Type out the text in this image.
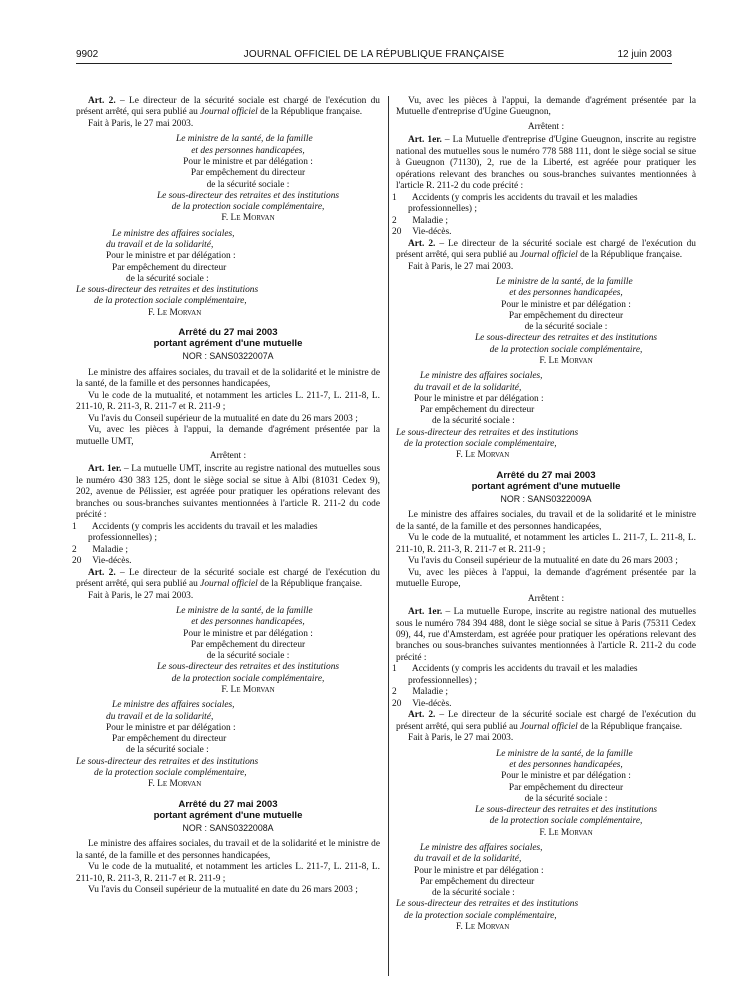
9902	JOURNAL OFFICIEL DE LA RÉPUBLIQUE FRANÇAISE	12 juin 2003

Art. 2. – Le directeur de la sécurité sociale est chargé de l'exécution du présent arrêté, qui sera publié au Journal officiel de la République française.

Fait à Paris, le 27 mai 2003.

Le ministre de la santé, de la famille
et des personnes handicapées,
Pour le ministre et par délégation :
Par empêchement du directeur
de la sécurité sociale :
Le sous-directeur des retraites et des institutions
de la protection sociale complémentaire,
F. Le Morvan
Le ministre des affaires sociales,
du travail et de la solidarité,
Pour le ministre et par délégation :
Par empêchement du directeur
de la sécurité sociale :
Le sous-directeur des retraites et des institutions
de la protection sociale complémentaire,
F. Le Morvan
Arrêté du 27 mai 2003
portant agrément d'une mutuelle
NOR : SANS0322007A

Le ministre des affaires sociales, du travail et de la solidarité et le ministre de la santé, de la famille et des personnes handicapées,

Vu le code de la mutualité, et notamment les articles L. 211-7, L. 211-8, L. 211-10, R. 211-3, R. 211-7 et R. 211-9 ;

Vu l'avis du Conseil supérieur de la mutualité en date du 26 mars 2003 ;

Vu, avec les pièces à l'appui, la demande d'agrément présentée par la mutuelle UMT,

Arrêtent :

Art. 1er. – La mutuelle UMT, inscrite au registre national des mutuelles sous le numéro 430 383 125, dont le siège social se situe à Albi (81031 Cedex 9), 202, avenue de Pélissier, est agréée pour pratiquer les opérations relevant des branches ou sous-branches suivantes mentionnées à l'article R. 211-2 du code précité :

1 Accidents (y compris les accidents du travail et les maladies professionnelles) ;
2 Maladie ;
20 Vie-décès.

Art. 2. – Le directeur de la sécurité sociale est chargé de l'exécution du présent arrêté, qui sera publié au Journal officiel de la République française.

Fait à Paris, le 27 mai 2003.

Le ministre de la santé, de la famille
et des personnes handicapées,
Pour le ministre et par délégation :
Par empêchement du directeur
de la sécurité sociale :
Le sous-directeur des retraites et des institutions
de la protection sociale complémentaire,
F. Le Morvan
Le ministre des affaires sociales,
du travail et de la solidarité,
Pour le ministre et par délégation :
Par empêchement du directeur
de la sécurité sociale :
Le sous-directeur des retraites et des institutions
de la protection sociale complémentaire,
F. Le Morvan
Arrêté du 27 mai 2003
portant agrément d'une mutuelle
NOR : SANS0322008A

Le ministre des affaires sociales, du travail et de la solidarité et le ministre de la santé, de la famille et des personnes handicapées,

Vu le code de la mutualité, et notamment les articles L. 211-7, L. 211-8, L. 211-10, R. 211-3, R. 211-7 et R. 211-9 ;

Vu l'avis du Conseil supérieur de la mutualité en date du 26 mars 2003 ;

Vu, avec les pièces à l'appui, la demande d'agrément présentée par la Mutuelle d'entreprise d'Ugine Gueugnon,

Arrêtent :

Art. 1er. – La Mutuelle d'entreprise d'Ugine Gueugnon, inscrite au registre national des mutuelles sous le numéro 778 588 111, dont le siège social se situe à Gueugnon (71130), 2, rue de la Liberté, est agréée pour pratiquer les opérations relevant des branches ou sous-branches suivantes mentionnées à l'article R. 211-2 du code précité :

1 Accidents (y compris les accidents du travail et les maladies professionnelles) ;
2 Maladie ;
20 Vie-décès.

Art. 2. – Le directeur de la sécurité sociale est chargé de l'exécution du présent arrêté, qui sera publié au Journal officiel de la République française.

Fait à Paris, le 27 mai 2003.

Le ministre de la santé, de la famille
et des personnes handicapées,
Pour le ministre et par délégation :
Par empêchement du directeur
de la sécurité sociale :
Le sous-directeur des retraites et des institutions
de la protection sociale complémentaire,
F. Le Morvan
Le ministre des affaires sociales,
du travail et de la solidarité,
Pour le ministre et par délégation :
Par empêchement du directeur
de la sécurité sociale :
Le sous-directeur des retraites et des institutions
de la protection sociale complémentaire,
F. Le Morvan
Arrêté du 27 mai 2003
portant agrément d'une mutuelle
NOR : SANS0322009A

Le ministre des affaires sociales, du travail et de la solidarité et le ministre de la santé, de la famille et des personnes handicapées,

Vu le code de la mutualité, et notamment les articles L. 211-7, L. 211-8, L. 211-10, R. 211-3, R. 211-7 et R. 211-9 ;

Vu l'avis du Conseil supérieur de la mutualité en date du 26 mars 2003 ;

Vu, avec les pièces à l'appui, la demande d'agrément présentée par la mutuelle Europe,

Arrêtent :

Art. 1er. – La mutuelle Europe, inscrite au registre national des mutuelles sous le numéro 784 394 488, dont le siège social se situe à Paris (75311 Cedex 09), 44, rue d'Amsterdam, est agréée pour pratiquer les opérations relevant des branches ou sous-branches suivantes mentionnées à l'article R. 211-2 du code précité :

1 Accidents (y compris les accidents du travail et les maladies professionnelles) ;
2 Maladie ;
20 Vie-décès.

Art. 2. – Le directeur de la sécurité sociale est chargé de l'exécution du présent arrêté, qui sera publié au Journal officiel de la République française.

Fait à Paris, le 27 mai 2003.

Le ministre de la santé, de la famille
et des personnes handicapées,
Pour le ministre et par délégation :
Par empêchement du directeur
de la sécurité sociale :
Le sous-directeur des retraites et des institutions
de la protection sociale complémentaire,
F. Le Morvan
Le ministre des affaires sociales,
du travail et de la solidarité,
Pour le ministre et par délégation :
Par empêchement du directeur
de la sécurité sociale :
Le sous-directeur des retraites et des institutions
de la protection sociale complémentaire,
F. Le Morvan
